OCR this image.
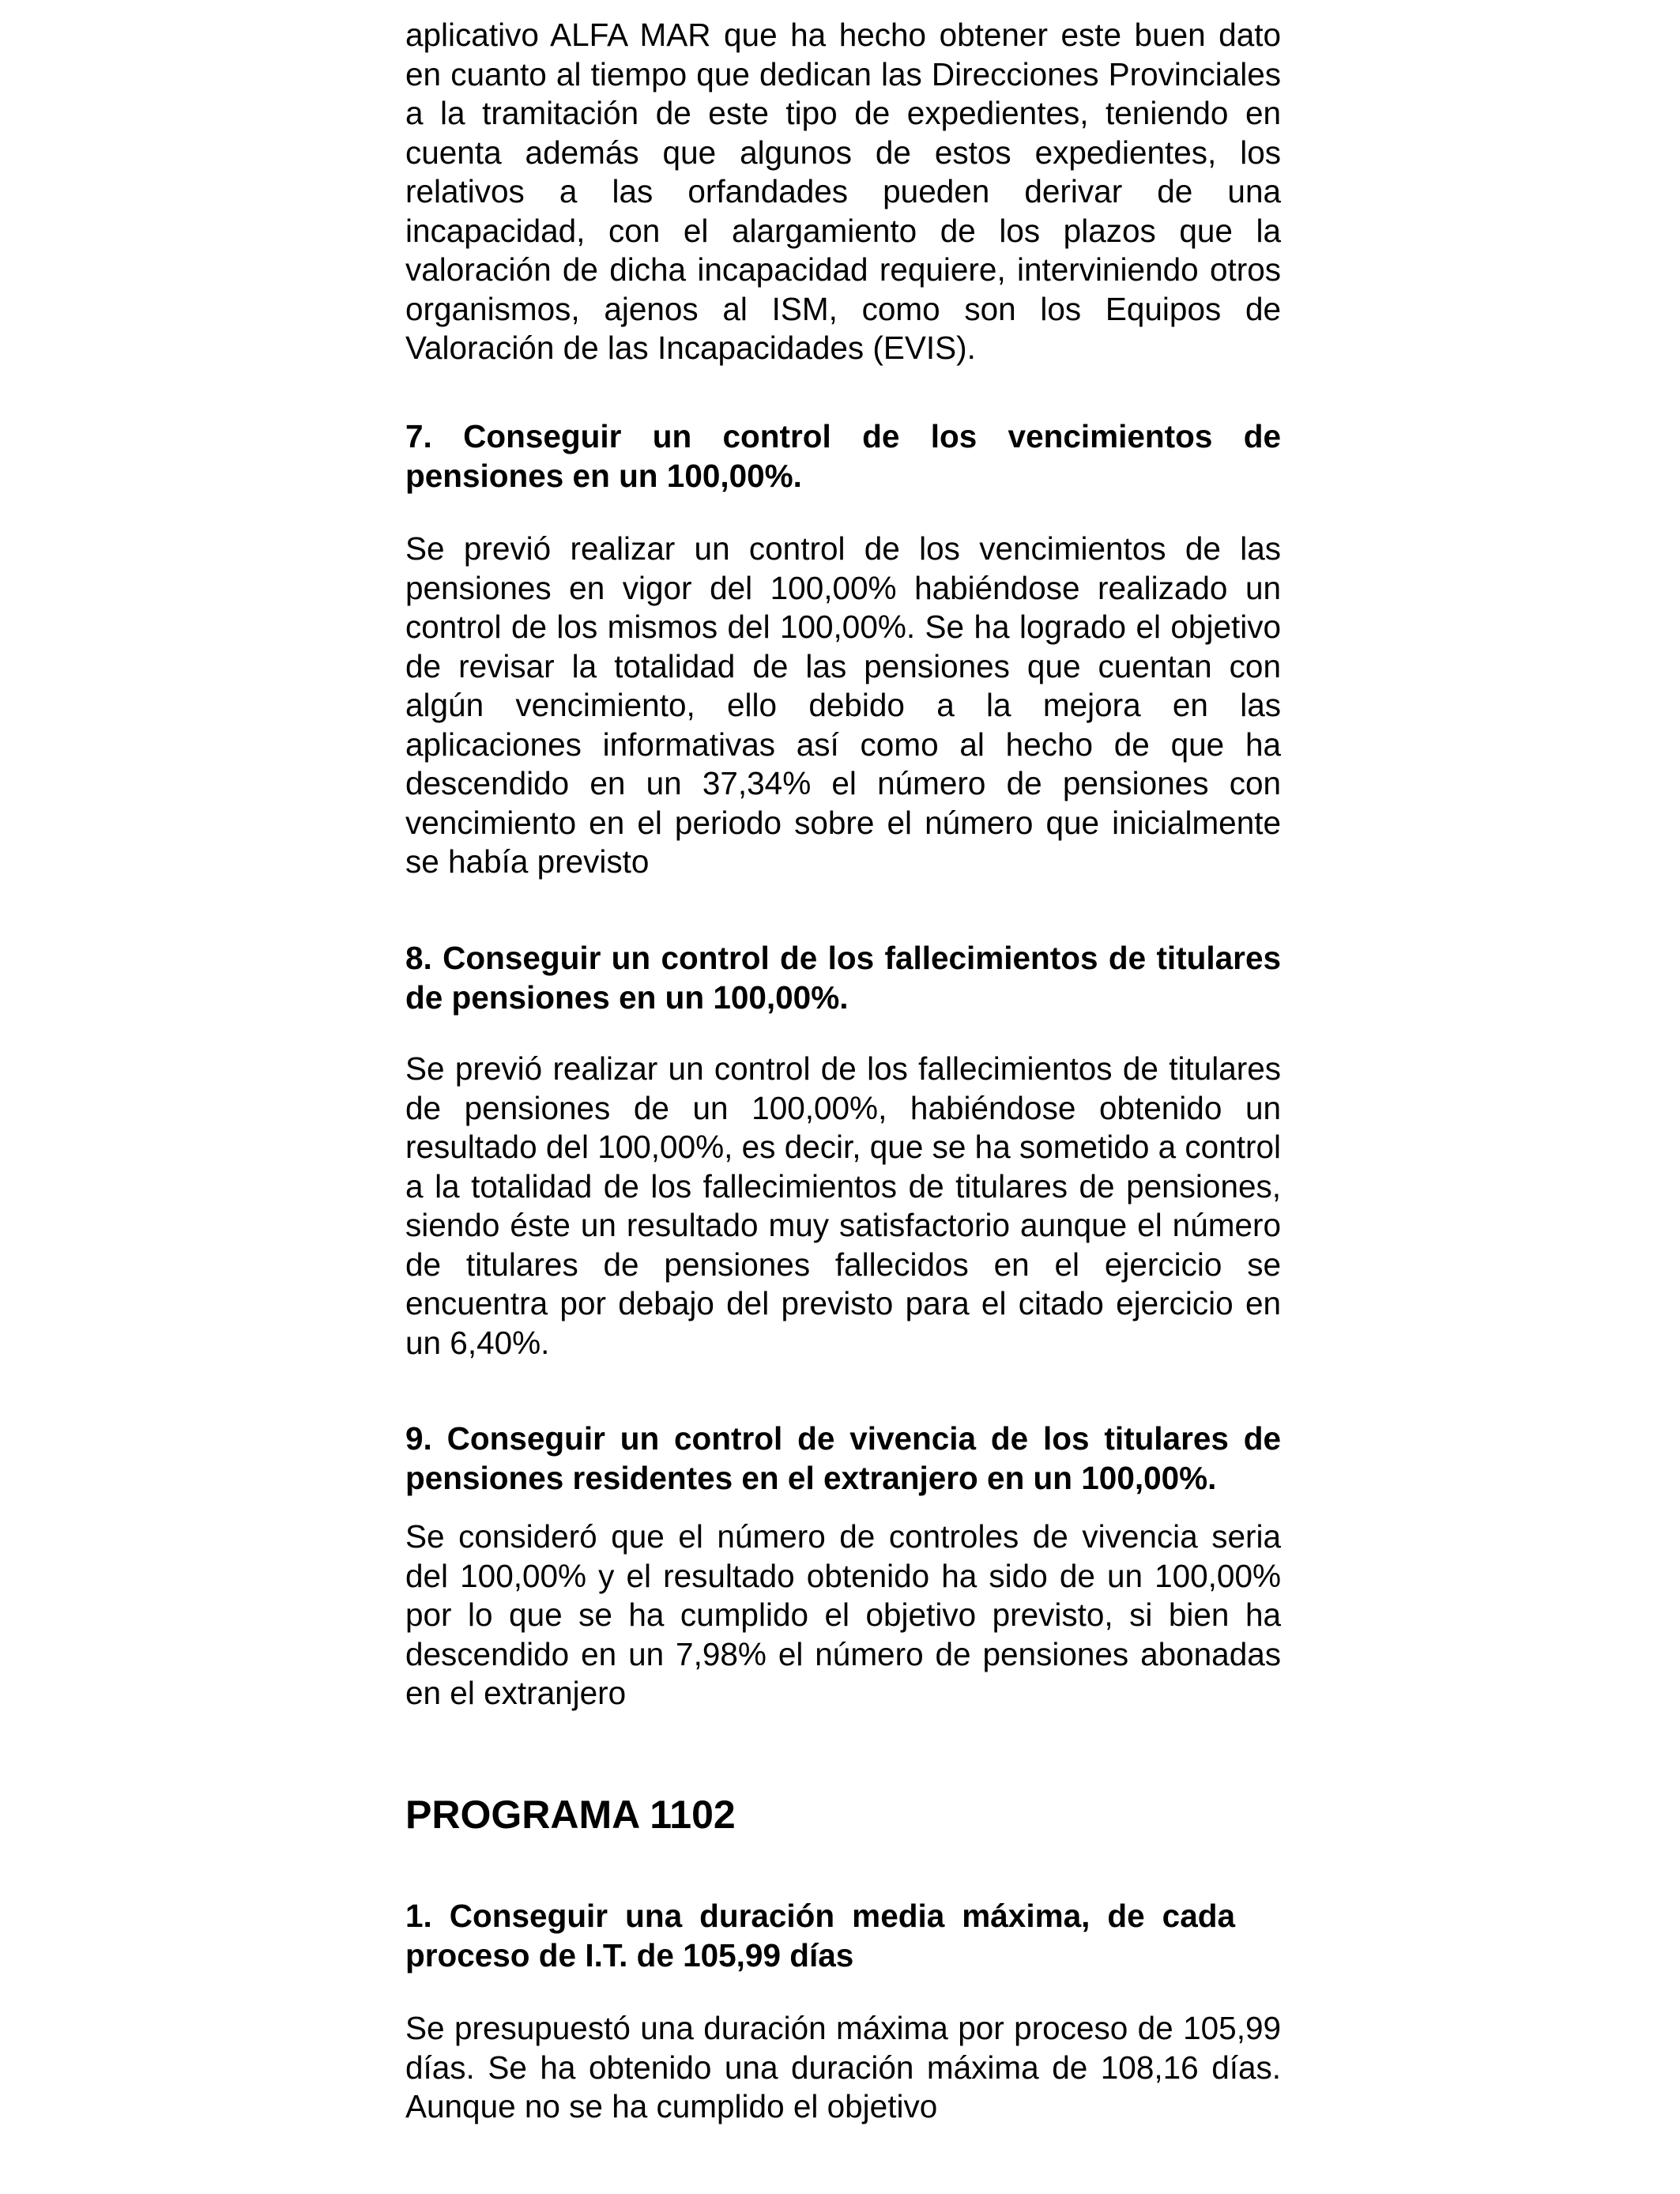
aplicativo ALFA MAR que ha hecho obtener este buen dato en cuanto al tiempo que dedican las Direcciones Provinciales a la tramitación de este tipo de expedientes, teniendo en cuenta además que algunos de estos expedientes, los relativos a las orfandades pueden derivar de una incapacidad, con el alargamiento de los plazos que la valoración de dicha incapacidad requiere, interviniendo otros organismos, ajenos al ISM, como son los Equipos de Valoración de las Incapacidades (EVIS).

7. Conseguir un control de los vencimientos de pensiones en un 100,00%.

Se previó realizar un control de los vencimientos de las pensiones en vigor del 100,00% habiéndose realizado un control de los mismos del 100,00%. Se ha logrado el objetivo de revisar la totalidad de las pensiones que cuentan con algún vencimiento, ello debido a la mejora en las aplicaciones informativas así como al hecho de que ha descendido en un 37,34% el número de pensiones con vencimiento en el periodo sobre el número que inicialmente se había previsto

8. Conseguir un control de los fallecimientos de titulares de pensiones en un 100,00%.

Se previó realizar un control de los fallecimientos de titulares de pensiones de un 100,00%, habiéndose obtenido un resultado del 100,00%, es decir, que se ha sometido a control a la totalidad de los fallecimientos de titulares de pensiones, siendo éste un resultado muy satisfactorio aunque el número de titulares de pensiones fallecidos en el ejercicio se encuentra por debajo del previsto para el citado ejercicio en un 6,40%.

9. Conseguir un control de vivencia de los titulares de pensiones residentes en el extranjero en un 100,00%.

Se consideró que el número de controles de vivencia seria del 100,00% y el resultado obtenido ha sido de un 100,00% por lo que se ha cumplido el objetivo previsto, si bien ha descendido en un 7,98% el número de pensiones abonadas en el extranjero

PROGRAMA 1102

1. Conseguir una duración media máxima, de cada proceso de I.T. de 105,99 días

Se presupuestó una duración máxima por proceso de 105,99 días. Se ha obtenido una duración máxima de 108,16 días. Aunque no se ha cumplido el objetivo
